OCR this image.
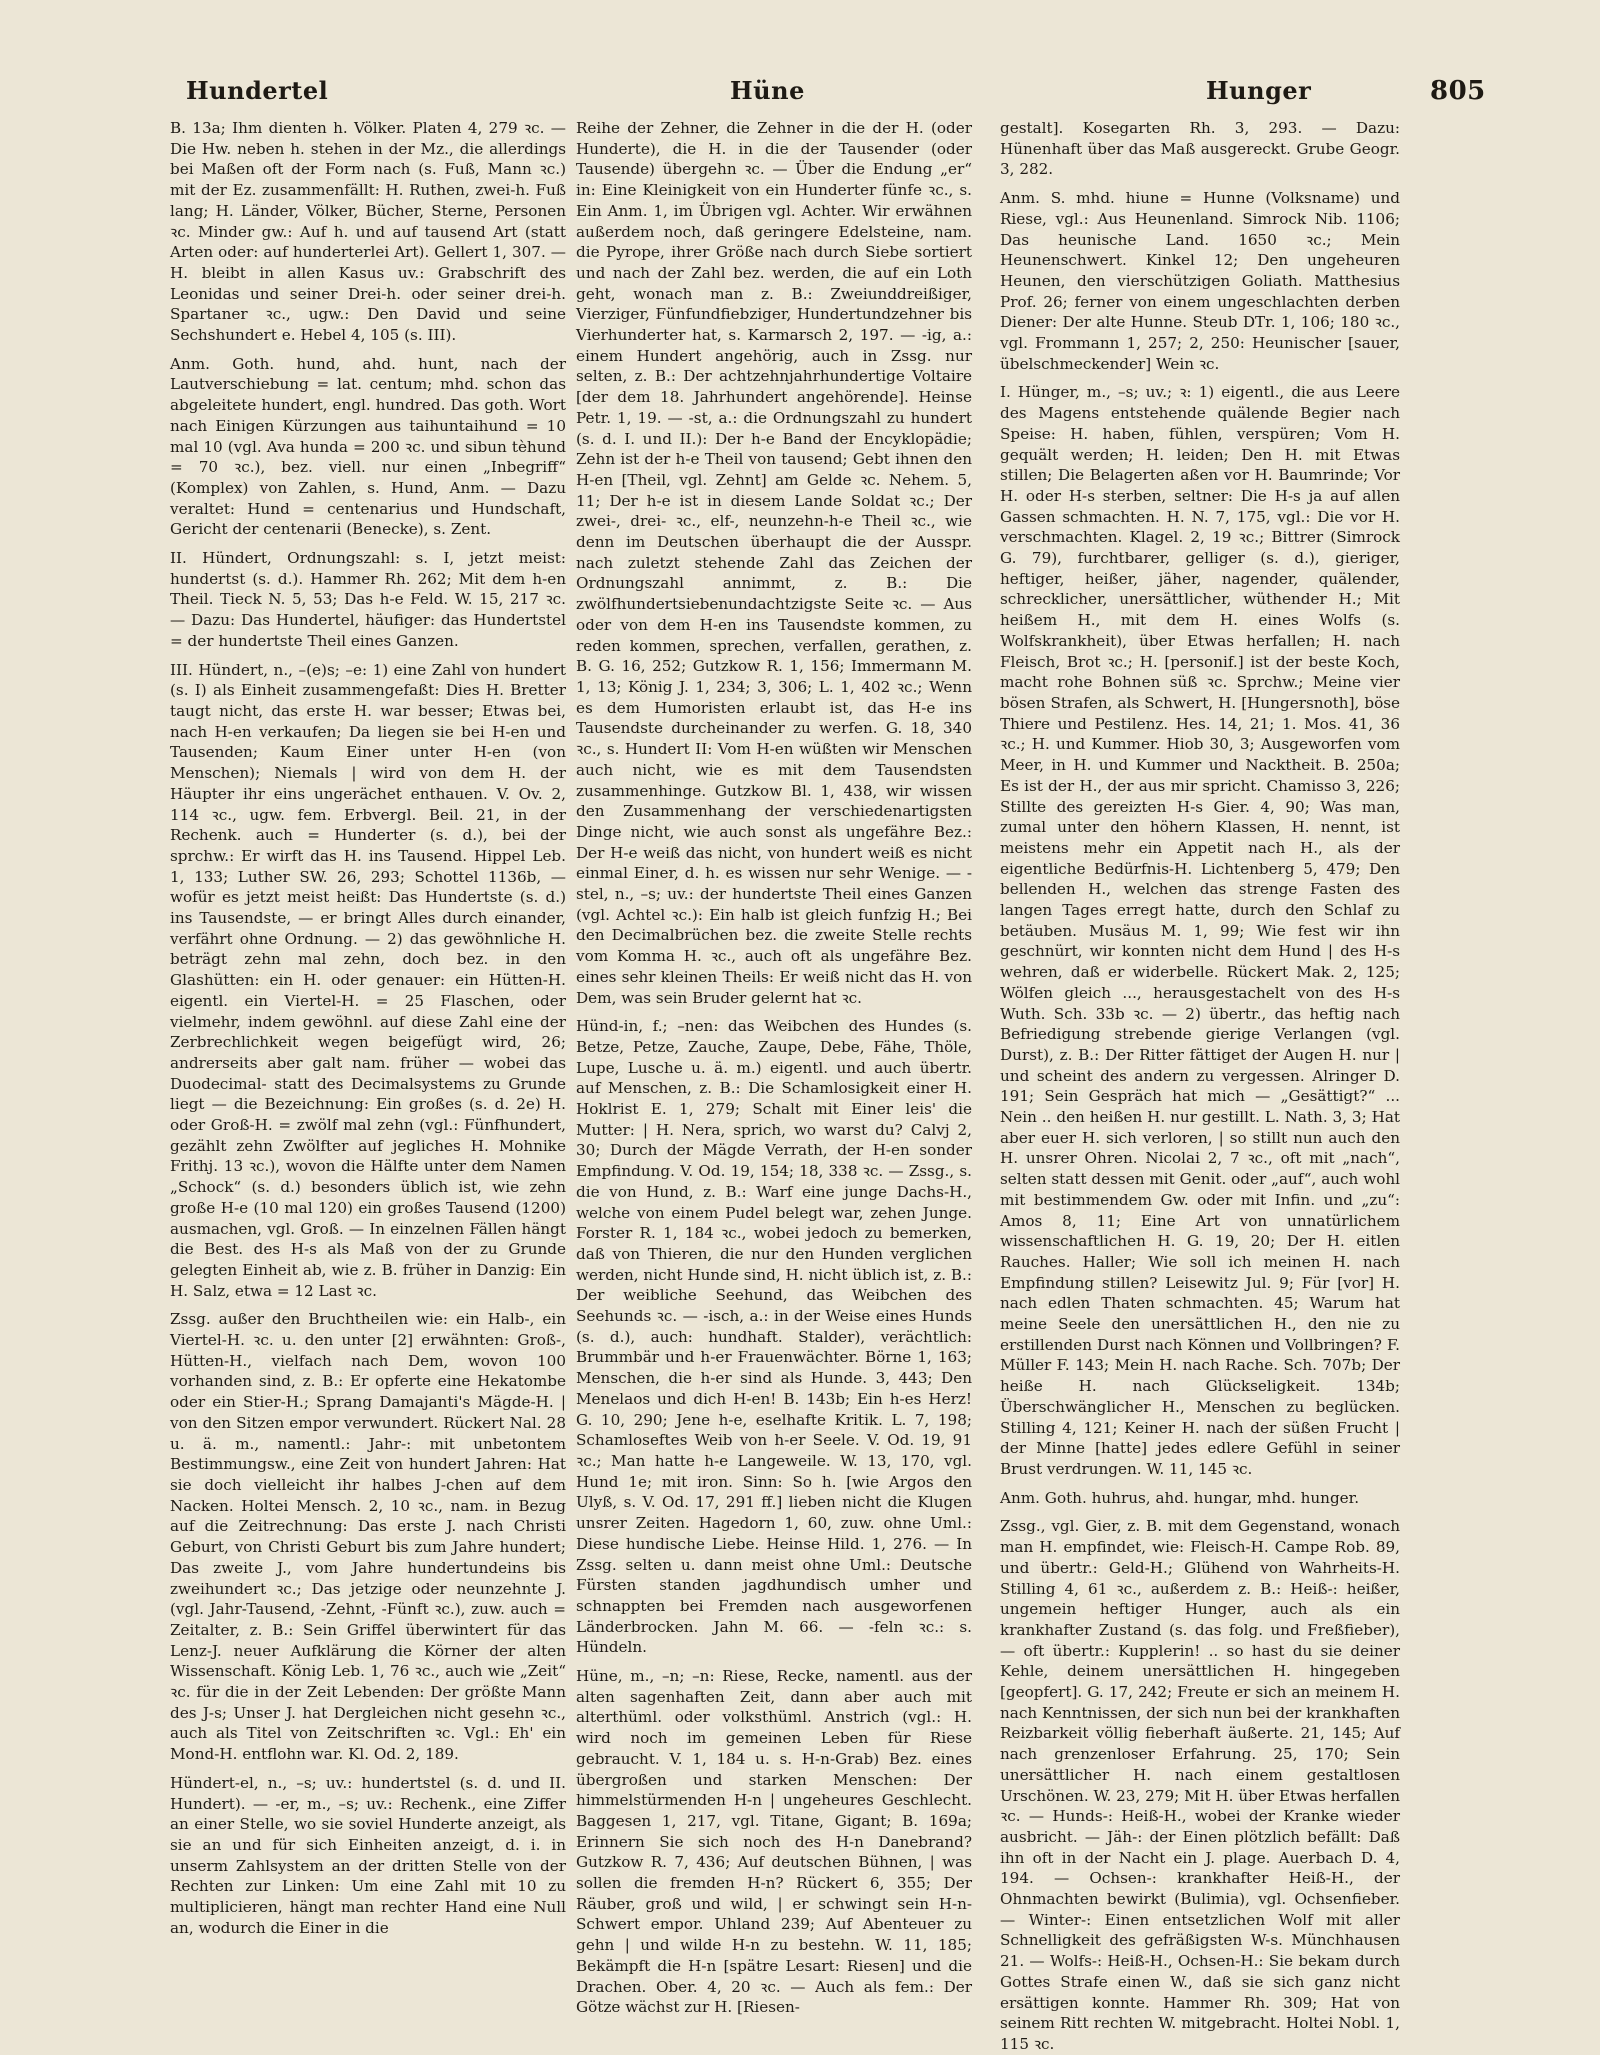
Hundertel	Hüne	Hunger	805

B. 13a; Ihm dienten h. Völker. Platen 4, 279 ꝛc. — Die Hw. neben h. stehen in der Mz., die allerdings bei Maßen oft der Form nach (s. Fuß, Mann ꝛc.) mit der Ez. zusammenfällt: H. Ruthen, zwei-h. Fuß lang; H. Länder, Völker, Bücher, Sterne, Personen ꝛc. Minder gw.: Auf h. und auf tausend Art (statt Arten oder: auf hunderterlei Art). Gellert 1, 307. — H. bleibt in allen Kasus uv.: Grabschrift des Leonidas und seiner Drei-h. oder seiner drei-h. Spartaner ꝛc., ugw.: Den David und seine Sechshundert e. Hebel 4, 105 (s. III).

Anm. Goth. hund, ahd. hunt, nach der Lautverschiebung = lat. centum; mhd. schon das abgeleitete hundert, engl. hundred. Das goth. Wort nach Einigen Kürzungen aus taihuntaihund = 10 mal 10 (vgl. Ava hunda = 200 ꝛc. und sibun tèhund = 70 ꝛc.), bez. viell. nur einen „Inbegriff“ (Komplex) von Zahlen, s. Hund, Anm. — Dazu veraltet: Hund = centenarius und Hundschaft, Gericht der centenarii (Benecke), s. Zent.

II. Hündert, Ordnungszahl: s. I, jetzt meist: hundertst (s. d.). Hammer Rh. 262; Mit dem h-en Theil. Tieck N. 5, 53; Das h-e Feld. W. 15, 217 ꝛc. — Dazu: Das Hundertel, häufiger: das Hundertstel = der hundertste Theil eines Ganzen.

III. Hündert, n., –(e)s; –e: 1) eine Zahl von hundert (s. I) als Einheit zusammengefaßt: Dies H. Bretter taugt nicht, das erste H. war besser; Etwas bei, nach H-en verkaufen; Da liegen sie bei H-en und Tausenden; Kaum Einer unter H-en (von Menschen); Niemals | wird von dem H. der Häupter ihr eins ungerächet enthauen. V. Ov. 2, 114 ꝛc., ugw. fem. Erbvergl. Beil. 21, in der Rechenk. auch = Hunderter (s. d.), bei der sprchw.: Er wirft das H. ins Tausend. Hippel Leb. 1, 133; Luther SW. 26, 293; Schottel 1136b, — wofür es jetzt meist heißt: Das Hundertste (s. d.) ins Tausendste, — er bringt Alles durch einander, verfährt ohne Ordnung. — 2) das gewöhnliche H. beträgt zehn mal zehn, doch bez. in den Glashütten: ein H. oder genauer: ein Hütten-H. eigentl. ein Viertel-H. = 25 Flaschen, oder vielmehr, indem gewöhnl. auf diese Zahl eine der Zerbrechlichkeit wegen beigefügt wird, 26; andrerseits aber galt nam. früher — wobei das Duodecimal- statt des Decimalsystems zu Grunde liegt — die Bezeichnung: Ein großes (s. d. 2e) H. oder Groß-H. = zwölf mal zehn (vgl.: Fünfhundert, gezählt zehn Zwölfter auf jegliches H. Mohnike Frithj. 13 ꝛc.), wovon die Hälfte unter dem Namen „Schock“ (s. d.) besonders üblich ist, wie zehn große H-e (10 mal 120) ein großes Tausend (1200) ausmachen, vgl. Groß. — In einzelnen Fällen hängt die Best. des H-s als Maß von der zu Grunde gelegten Einheit ab, wie z. B. früher in Danzig: Ein H. Salz, etwa = 12 Last ꝛc.

Zssg. außer den Bruchtheilen wie: ein Halb-, ein Viertel-H. ꝛc. u. den unter [2] erwähnten: Groß-, Hütten-H., vielfach nach Dem, wovon 100 vorhanden sind, z. B.: Er opferte eine Hekatombe oder ein Stier-H.; Sprang Damajanti's Mägde-H. | von den Sitzen empor verwundert. Rückert Nal. 28 u. ä. m., namentl.: Jahr-: mit unbetontem Bestimmungsw., eine Zeit von hundert Jahren: Hat sie doch vielleicht ihr halbes J-chen auf dem Nacken. Holtei Mensch. 2, 10 ꝛc., nam. in Bezug auf die Zeitrechnung: Das erste J. nach Christi Geburt, von Christi Geburt bis zum Jahre hundert; Das zweite J., vom Jahre hundertundeins bis zweihundert ꝛc.; Das jetzige oder neunzehnte J. (vgl. Jahr-Tausend, -Zehnt, -Fünft ꝛc.), zuw. auch = Zeitalter, z. B.: Sein Griffel überwintert für das Lenz-J. neuer Aufklärung die Körner der alten Wissenschaft. König Leb. 1, 76 ꝛc., auch wie „Zeit“ ꝛc. für die in der Zeit Lebenden: Der größte Mann des J-s; Unser J. hat Dergleichen nicht gesehn ꝛc., auch als Titel von Zeitschriften ꝛc. Vgl.: Eh' ein Mond-H. entflohn war. Kl. Od. 2, 189.

Hündert-el, n., –s; uv.: hundertstel (s. d. und II. Hundert). — -er, m., –s; uv.: Rechenk., eine Ziffer an einer Stelle, wo sie soviel Hunderte anzeigt, als sie an und für sich Einheiten anzeigt, d. i. in unserm Zahlsystem an der dritten Stelle von der Rechten zur Linken: Um eine Zahl mit 10 zu multiplicieren, hängt man rechter Hand eine Null an, wodurch die Einer in die

Reihe der Zehner, die Zehner in die der H. (oder Hunderte), die H. in die der Tausender (oder Tausende) übergehn ꝛc. — Über die Endung „er“ in: Eine Kleinigkeit von ein Hunderter fünfe ꝛc., s. Ein Anm. 1, im Übrigen vgl. Achter. Wir erwähnen außerdem noch, daß geringere Edelsteine, nam. die Pyrope, ihrer Größe nach durch Siebe sortiert und nach der Zahl bez. werden, die auf ein Loth geht, wonach man z. B.: Zweiunddreißiger, Vierziger, Fünfundfiebziger, Hundertundzehner bis Vierhunderter hat, s. Karmarsch 2, 197. — -ig, a.: einem Hundert angehörig, auch in Zssg. nur selten, z. B.: Der achtzehnjahrhundertige Voltaire [der dem 18. Jahrhundert angehörende]. Heinse Petr. 1, 19. — -st, a.: die Ordnungszahl zu hundert (s. d. I. und II.): Der h-e Band der Encyklopädie; Zehn ist der h-e Theil von tausend; Gebt ihnen den H-en [Theil, vgl. Zehnt] am Gelde ꝛc. Nehem. 5, 11; Der h-e ist in diesem Lande Soldat ꝛc.; Der zwei-, drei- ꝛc., elf-, neunzehn-h-e Theil ꝛc., wie denn im Deutschen überhaupt die der Ausspr. nach zuletzt stehende Zahl das Zeichen der Ordnungszahl annimmt, z. B.: Die zwölfhundertsiebenundachtzigste Seite ꝛc. — Aus oder von dem H-en ins Tausendste kommen, zu reden kommen, sprechen, verfallen, gerathen, z. B. G. 16, 252; Gutzkow R. 1, 156; Immermann M. 1, 13; König J. 1, 234; 3, 306; L. 1, 402 ꝛc.; Wenn es dem Humoristen erlaubt ist, das H-e ins Tausendste durcheinander zu werfen. G. 18, 340 ꝛc., s. Hundert II: Vom H-en wüßten wir Menschen auch nicht, wie es mit dem Tausendsten zusammenhinge. Gutzkow Bl. 1, 438, wir wissen den Zusammenhang der verschiedenartigsten Dinge nicht, wie auch sonst als ungefähre Bez.: Der H-e weiß das nicht, von hundert weiß es nicht einmal Einer, d. h. es wissen nur sehr Wenige. — -stel, n., –s; uv.: der hundertste Theil eines Ganzen (vgl. Achtel ꝛc.): Ein halb ist gleich funfzig H.; Bei den Decimalbrüchen bez. die zweite Stelle rechts vom Komma H. ꝛc., auch oft als ungefähre Bez. eines sehr kleinen Theils: Er weiß nicht das H. von Dem, was sein Bruder gelernt hat ꝛc.

Hünd-in, f.; –nen: das Weibchen des Hundes (s. Betze, Petze, Zauche, Zaupe, Debe, Fähe, Thöle, Lupe, Lusche u. ä. m.) eigentl. und auch übertr. auf Menschen, z. B.: Die Schamlosigkeit einer H. Hoklrist E. 1, 279; Schalt mit Einer leis' die Mutter: | H. Nera, sprich, wo warst du? Calvj 2, 30; Durch der Mägde Verrath, der H-en sonder Empfindung. V. Od. 19, 154; 18, 338 ꝛc. — Zssg., s. die von Hund, z. B.: Warf eine junge Dachs-H., welche von einem Pudel belegt war, zehen Junge. Forster R. 1, 184 ꝛc., wobei jedoch zu bemerken, daß von Thieren, die nur den Hunden verglichen werden, nicht Hunde sind, H. nicht üblich ist, z. B.: Der weibliche Seehund, das Weibchen des Seehunds ꝛc. — -isch, a.: in der Weise eines Hunds (s. d.), auch: hundhaft. Stalder), verächtlich: Brummbär und h-er Frauenwächter. Börne 1, 163; Menschen, die h-er sind als Hunde. 3, 443; Den Menelaos und dich H-en! B. 143b; Ein h-es Herz! G. 10, 290; Jene h-e, eselhafte Kritik. L. 7, 198; Schamloseftes Weib von h-er Seele. V. Od. 19, 91 ꝛc.; Man hatte h-e Langeweile. W. 13, 170, vgl. Hund 1e; mit iron. Sinn: So h. [wie Argos den Ulyß, s. V. Od. 17, 291 ff.] lieben nicht die Klugen unsrer Zeiten. Hagedorn 1, 60, zuw. ohne Uml.: Diese hundische Liebe. Heinse Hild. 1, 276. — In Zssg. selten u. dann meist ohne Uml.: Deutsche Fürsten standen jagdhundisch umher und schnappten bei Fremden nach ausgeworfenen Länderbrocken. Jahn M. 66. — -feln ꝛc.: s. Hündeln.

Hüne, m., –n; –n: Riese, Recke, namentl. aus der alten sagenhaften Zeit, dann aber auch mit alterthüml. oder volksthüml. Anstrich (vgl.: H. wird noch im gemeinen Leben für Riese gebraucht. V. 1, 184 u. s. H-n-Grab) Bez. eines übergroßen und starken Menschen: Der himmelstürmenden H-n | ungeheures Geschlecht. Baggesen 1, 217, vgl. Titane, Gigant; B. 169a; Erinnern Sie sich noch des H-n Danebrand? Gutzkow R. 7, 436; Auf deutschen Bühnen, | was sollen die fremden H-n? Rückert 6, 355; Der Räuber, groß und wild, | er schwingt sein H-n-Schwert empor. Uhland 239; Auf Abenteuer zu gehn | und wilde H-n zu bestehn. W. 11, 185; Bekämpft die H-n [spätre Lesart: Riesen] und die Drachen. Ober. 4, 20 ꝛc. — Auch als fem.: Der Götze wächst zur H. [Riesen-

gestalt]. Kosegarten Rh. 3, 293. — Dazu: Hünenhaft über das Maß ausgereckt. Grube Geogr. 3, 282.

Anm. S. mhd. hiune = Hunne (Volksname) und Riese, vgl.: Aus Heunenland. Simrock Nib. 1106; Das heunische Land. 1650 ꝛc.; Mein Heunenschwert. Kinkel 12; Den ungeheuren Heunen, den vierschützigen Goliath. Matthesius Prof. 26; ferner von einem ungeschlachten derben Diener: Der alte Hunne. Steub DTr. 1, 106; 180 ꝛc., vgl. Frommann 1, 257; 2, 250: Heunischer [sauer, übelschmeckender] Wein ꝛc.

I. Hünger, m., –s; uv.; ꝛ: 1) eigentl., die aus Leere des Magens entstehende quälende Begier nach Speise: H. haben, fühlen, verspüren; Vom H. gequält werden; H. leiden; Den H. mit Etwas stillen; Die Belagerten aßen vor H. Baumrinde; Vor H. oder H-s sterben, seltner: Die H-s ja auf allen Gassen schmachten. H. N. 7, 175, vgl.: Die vor H. verschmachten. Klagel. 2, 19 ꝛc.; Bittrer (Simrock G. 79), furchtbarer, gelliger (s. d.), gieriger, heftiger, heißer, jäher, nagender, quälender, schrecklicher, unersättlicher, wüthender H.; Mit heißem H., mit dem H. eines Wolfs (s. Wolfskrankheit), über Etwas herfallen; H. nach Fleisch, Brot ꝛc.; H. [personif.] ist der beste Koch, macht rohe Bohnen süß ꝛc. Sprchw.; Meine vier bösen Strafen, als Schwert, H. [Hungersnoth], böse Thiere und Pestilenz. Hes. 14, 21; 1. Mos. 41, 36 ꝛc.; H. und Kummer. Hiob 30, 3; Ausgeworfen vom Meer, in H. und Kummer und Nacktheit. B. 250a; Es ist der H., der aus mir spricht. Chamisso 3, 226; Stillte des gereizten H-s Gier. 4, 90; Was man, zumal unter den höhern Klassen, H. nennt, ist meistens mehr ein Appetit nach H., als der eigentliche Bedürfnis-H. Lichtenberg 5, 479; Den bellenden H., welchen das strenge Fasten des langen Tages erregt hatte, durch den Schlaf zu betäuben. Musäus M. 1, 99; Wie fest wir ihn geschnürt, wir konnten nicht dem Hund | des H-s wehren, daß er widerbelle. Rückert Mak. 2, 125; Wölfen gleich ..., herausgestachelt von des H-s Wuth. Sch. 33b ꝛc. — 2) übertr., das heftig nach Befriedigung strebende gierige Verlangen (vgl. Durst), z. B.: Der Ritter fättiget der Augen H. nur | und scheint des andern zu vergessen. Alringer D. 191; Sein Gespräch hat mich — „Gesättigt?“ ... Nein .. den heißen H. nur gestillt. L. Nath. 3, 3; Hat aber euer H. sich verloren, | so stillt nun auch den H. unsrer Ohren. Nicolai 2, 7 ꝛc., oft mit „nach“, selten statt dessen mit Genit. oder „auf“, auch wohl mit bestimmendem Gw. oder mit Infin. und „zu“: Amos 8, 11; Eine Art von unnatürlichem wissenschaftlichen H. G. 19, 20; Der H. eitlen Rauches. Haller; Wie soll ich meinen H. nach Empfindung stillen? Leisewitz Jul. 9; Für [vor] H. nach edlen Thaten schmachten. 45; Warum hat meine Seele den unersättlichen H., den nie zu erstillenden Durst nach Können und Vollbringen? F. Müller F. 143; Mein H. nach Rache. Sch. 707b; Der heiße H. nach Glückseligkeit. 134b; Überschwänglicher H., Menschen zu beglücken. Stilling 4, 121; Keiner H. nach der süßen Frucht | der Minne [hatte] jedes edlere Gefühl in seiner Brust verdrungen. W. 11, 145 ꝛc.

Anm. Goth. huhrus, ahd. hungar, mhd. hunger.

Zssg., vgl. Gier, z. B. mit dem Gegenstand, wonach man H. empfindet, wie: Fleisch-H. Campe Rob. 89, und übertr.: Geld-H.; Glühend von Wahrheits-H. Stilling 4, 61 ꝛc., außerdem z. B.: Heiß-: heißer, ungemein heftiger Hunger, auch als ein krankhafter Zustand (s. das folg. und Freßfieber), — oft übertr.: Kupplerin! .. so hast du sie deiner Kehle, deinem unersättlichen H. hingegeben [geopfert]. G. 17, 242; Freute er sich an meinem H. nach Kenntnissen, der sich nun bei der krankhaften Reizbarkeit völlig fieberhaft äußerte. 21, 145; Auf nach grenzenloser Erfahrung. 25, 170; Sein unersättlicher H. nach einem gestaltlosen Urschönen. W. 23, 279; Mit H. über Etwas herfallen ꝛc. — Hunds-: Heiß-H., wobei der Kranke wieder ausbricht. — Jäh-: der Einen plötzlich befällt: Daß ihn oft in der Nacht ein J. plage. Auerbach D. 4, 194. — Ochsen-: krankhafter Heiß-H., der Ohnmachten bewirkt (Bulimia), vgl. Ochsenfieber. — Winter-: Einen entsetzlichen Wolf mit aller Schnelligkeit des gefräßigsten W-s. Münchhausen 21. — Wolfs-: Heiß-H., Ochsen-H.: Sie bekam durch Gottes Strafe einen W., daß sie sich ganz nicht ersättigen konnte. Hammer Rh. 309; Hat von seinem Ritt rechten W. mitgebracht. Holtei Nobl. 1, 115 ꝛc.
